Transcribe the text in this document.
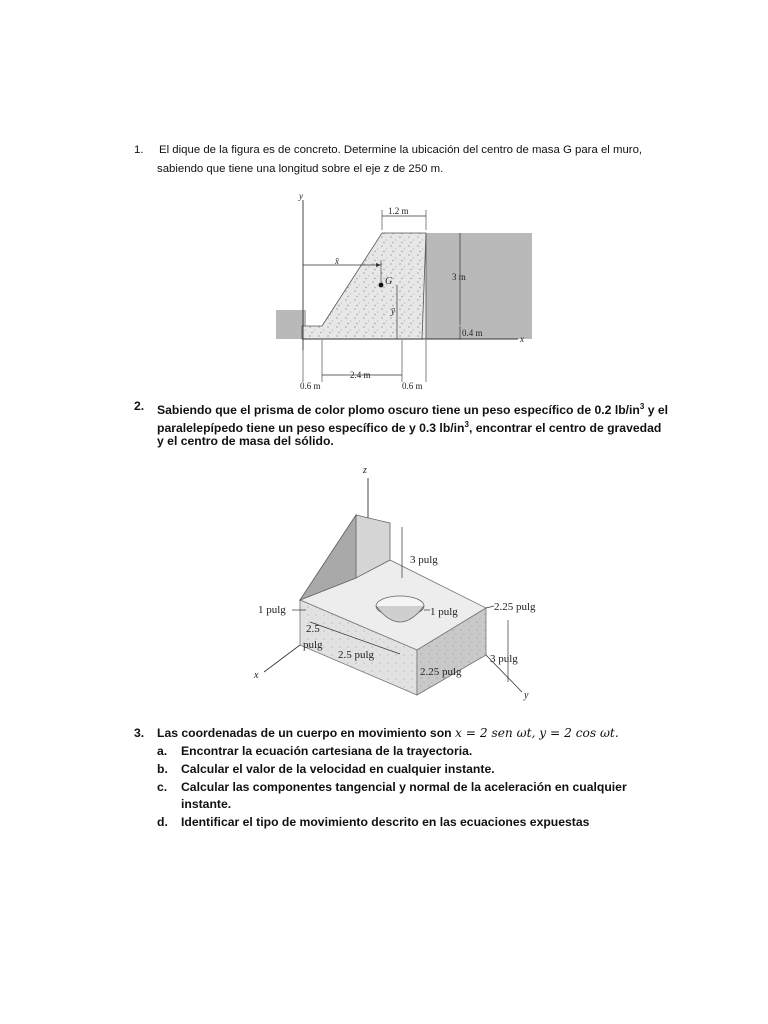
1. El dique de la figura es de concreto. Determine la ubicación del centro de masa G para el muro,
sabiendo que tiene una longitud sobre el eje z de 250 m.
y
x
G
x̄
ȳ
1.2 m
3 m
0.4 m
2.4 m
0.6 m	0.6 m
2. Sabiendo que el prisma de color plomo oscuro tiene un peso específico de 0.2 $lb/in^3$ y el
paralelepípedo tiene un peso específico de y 0.3 $lb/in^3$, encontrar el centro de gravedad
y el centro de masa del sólido.
z
x
y
3 pulg
1 pulg	1 pulg	2.25 pulg
2.5
pulg
2.5 pulg
2.25 pulg
3 pulg
3. Las coordenadas de un cuerpo en movimiento son x = 2 sen ωt, y = 2 cos ωt.
a. Encontrar la ecuación cartesiana de la trayectoria.
b. Calcular el valor de la velocidad en cualquier instante.
c. Calcular las componentes tangencial y normal de la aceleración en cualquier
instante.
d. Identificar el tipo de movimiento descrito en las ecuaciones expuestas
